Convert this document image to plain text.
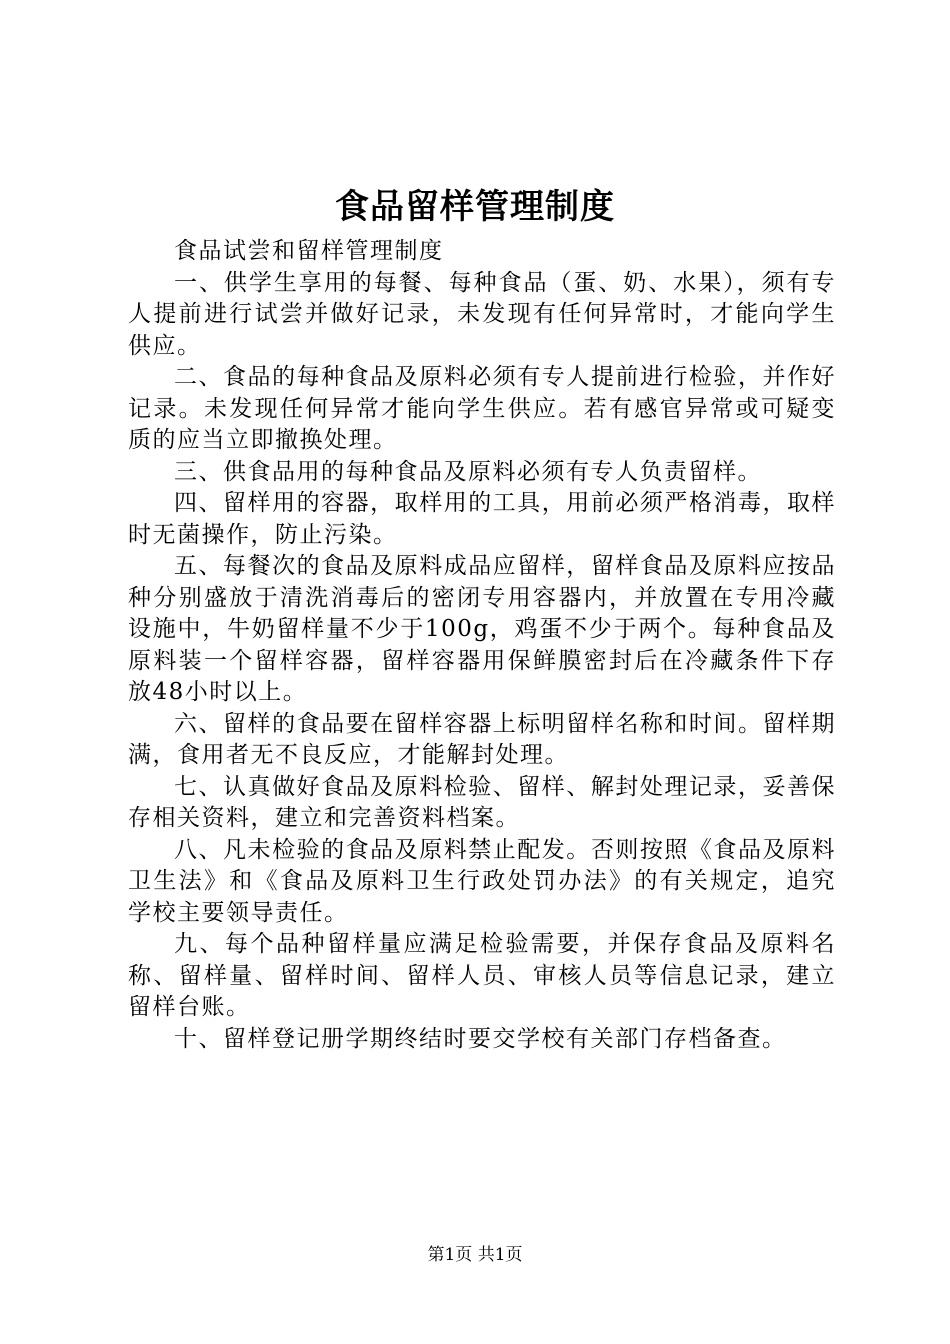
食品留样管理制度

食品试尝和留样管理制度

一、供学生享用的每餐、每种食品（蛋、奶、水果），须有专人提前进行试尝并做好记录，未发现有任何异常时，才能向学生供应。

二、食品的每种食品及原料必须有专人提前进行检验，并作好记录。未发现任何异常才能向学生供应。若有感官异常或可疑变质的应当立即撤换处理。

三、供食品用的每种食品及原料必须有专人负责留样。

四、留样用的容器，取样用的工具，用前必须严格消毒，取样时无菌操作，防止污染。

五、每餐次的食品及原料成品应留样，留样食品及原料应按品种分别盛放于清洗消毒后的密闭专用容器内，并放置在专用冷藏设施中，牛奶留样量不少于100g，鸡蛋不少于两个。每种食品及原料装一个留样容器，留样容器用保鲜膜密封后在冷藏条件下存放48小时以上。

六、留样的食品要在留样容器上标明留样名称和时间。留样期满，食用者无不良反应，才能解封处理。

七、认真做好食品及原料检验、留样、解封处理记录，妥善保存相关资料，建立和完善资料档案。

八、凡未检验的食品及原料禁止配发。否则按照《食品及原料卫生法》和《食品及原料卫生行政处罚办法》的有关规定，追究学校主要领导责任。

九、每个品种留样量应满足检验需要，并保存食品及原料名称、留样量、留样时间、留样人员、审核人员等信息记录，建立留样台账。

十、留样登记册学期终结时要交学校有关部门存档备查。

第1页 共1页
